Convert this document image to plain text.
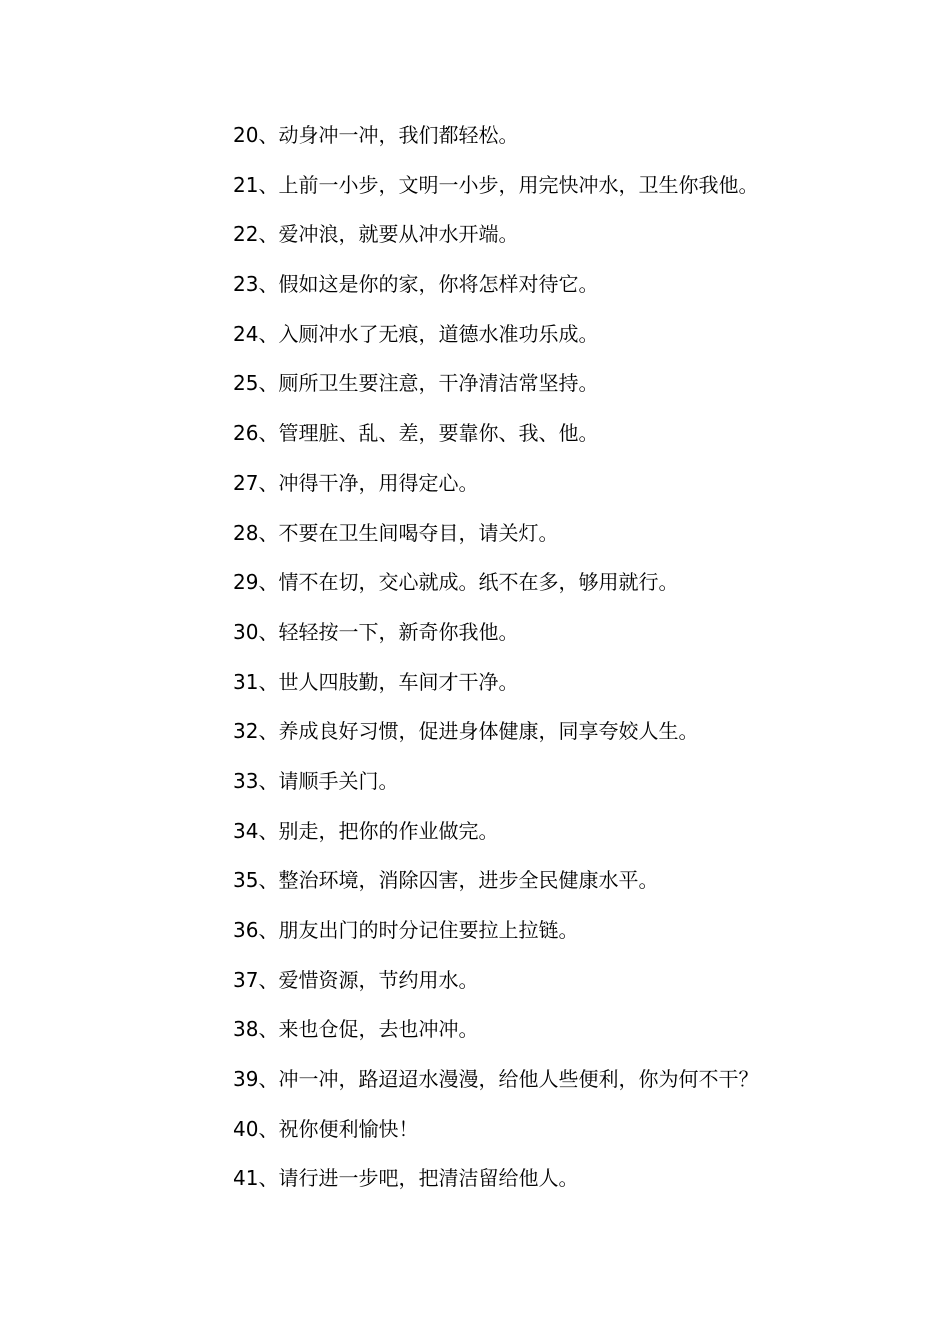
20、动身冲一冲，我们都轻松。
21、上前一小步，文明一小步，用完快冲水，卫生你我他。
22、爱冲浪，就要从冲水开端。
23、假如这是你的家，你将怎样对待它。
24、入厕冲水了无痕，道德水准功乐成。
25、厕所卫生要注意，干净清洁常坚持。
26、管理脏、乱、差，要靠你、我、他。
27、冲得干净，用得定心。
28、不要在卫生间喝夺目，请关灯。
29、情不在切，交心就成。纸不在多，够用就行。
30、轻轻按一下，新奇你我他。
31、世人四肢勤，车间才干净。
32、养成良好习惯，促进身体健康，同享夸姣人生。
33、请顺手关门。
34、别走，把你的作业做完。
35、整治环境，消除囚害，进步全民健康水平。
36、朋友出门的时分记住要拉上拉链。
37、爱惜资源，节约用水。
38、来也仓促，去也冲冲。
39、冲一冲，路迢迢水漫漫，给他人些便利，你为何不干？
40、祝你便利愉快！
41、请行进一步吧，把清洁留给他人。
